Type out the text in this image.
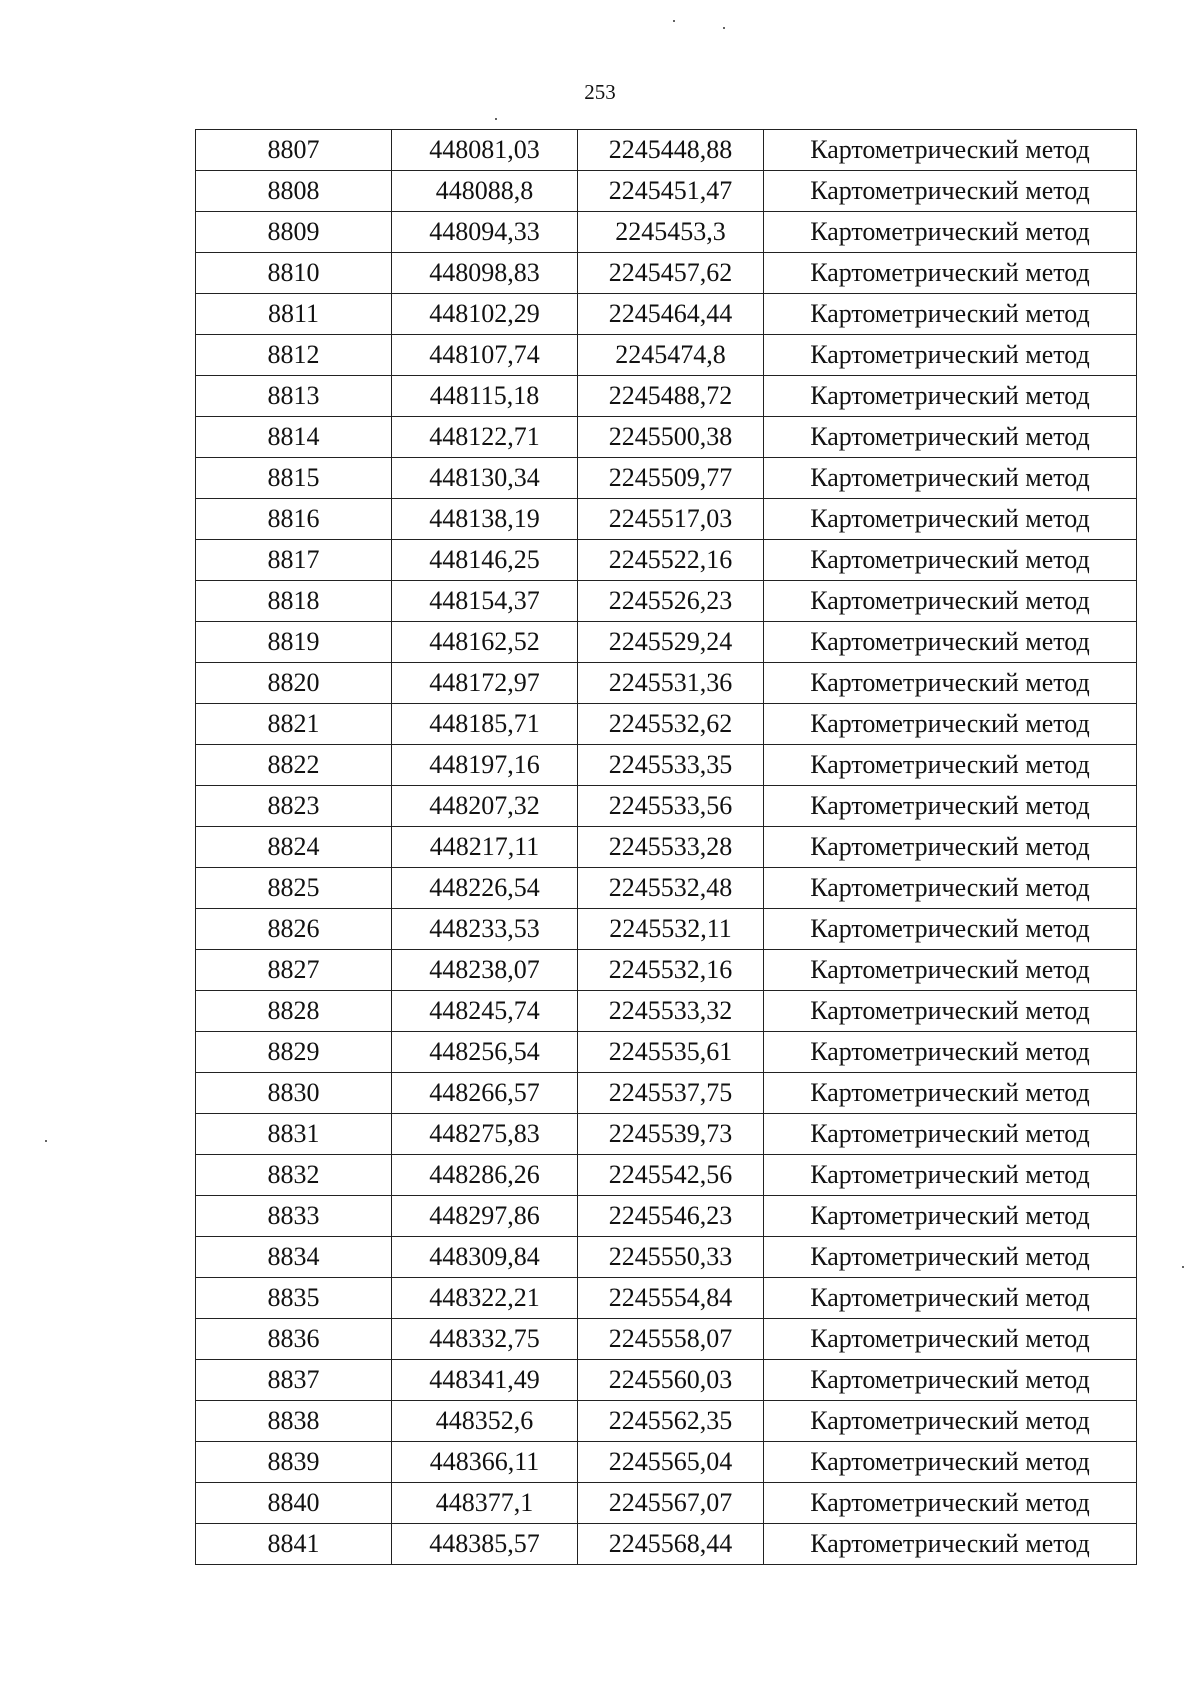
253
8807	448081,03	2245448,88	Картометрический метод
8808	448088,8	2245451,47	Картометрический метод
8809	448094,33	2245453,3	Картометрический метод
8810	448098,83	2245457,62	Картометрический метод
8811	448102,29	2245464,44	Картометрический метод
8812	448107,74	2245474,8	Картометрический метод
8813	448115,18	2245488,72	Картометрический метод
8814	448122,71	2245500,38	Картометрический метод
8815	448130,34	2245509,77	Картометрический метод
8816	448138,19	2245517,03	Картометрический метод
8817	448146,25	2245522,16	Картометрический метод
8818	448154,37	2245526,23	Картометрический метод
8819	448162,52	2245529,24	Картометрический метод
8820	448172,97	2245531,36	Картометрический метод
8821	448185,71	2245532,62	Картометрический метод
8822	448197,16	2245533,35	Картометрический метод
8823	448207,32	2245533,56	Картометрический метод
8824	448217,11	2245533,28	Картометрический метод
8825	448226,54	2245532,48	Картометрический метод
8826	448233,53	2245532,11	Картометрический метод
8827	448238,07	2245532,16	Картометрический метод
8828	448245,74	2245533,32	Картометрический метод
8829	448256,54	2245535,61	Картометрический метод
8830	448266,57	2245537,75	Картометрический метод
8831	448275,83	2245539,73	Картометрический метод
8832	448286,26	2245542,56	Картометрический метод
8833	448297,86	2245546,23	Картометрический метод
8834	448309,84	2245550,33	Картометрический метод
8835	448322,21	2245554,84	Картометрический метод
8836	448332,75	2245558,07	Картометрический метод
8837	448341,49	2245560,03	Картометрический метод
8838	448352,6	2245562,35	Картометрический метод
8839	448366,11	2245565,04	Картометрический метод
8840	448377,1	2245567,07	Картометрический метод
8841	448385,57	2245568,44	Картометрический метод
